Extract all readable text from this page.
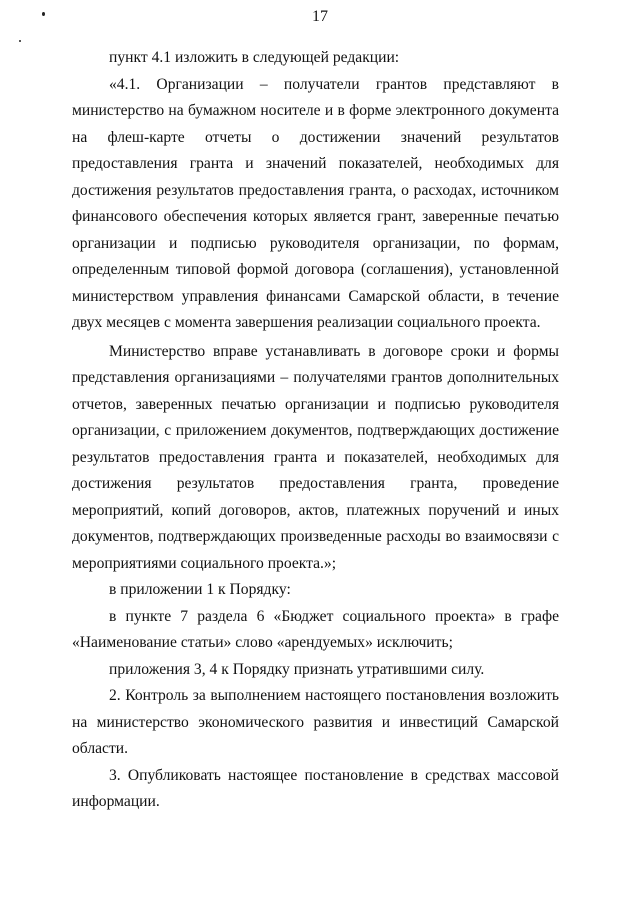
17

пункт 4.1 изложить в следующей редакции:

«4.1. Организации – получатели грантов представляют в министерство на бумажном носителе и в форме электронного документа на флеш-карте отчеты о достижении значений результатов предоставления гранта и значений показателей, необходимых для достижения результатов предоставления гранта, о расходах, источником финансового обеспечения которых является грант, заверенные печатью организации и подписью руководителя организации, по формам, определенным типовой формой договора (соглашения), установленной министерством управления финансами Самарской области, в течение двух месяцев с момента завершения реализации социального проекта.

Министерство вправе устанавливать в договоре сроки и формы представления организациями – получателями грантов дополнительных отчетов, заверенных печатью организации и подписью руководителя организации, с приложением документов, подтверждающих достижение результатов предоставления гранта и показателей, необходимых для достижения результатов предоставления гранта, проведение мероприятий, копий договоров, актов, платежных поручений и иных документов, подтверждающих произведенные расходы во взаимосвязи с мероприятиями социального проекта.»;

в приложении 1 к Порядку:

в пункте 7 раздела 6 «Бюджет социального проекта» в графе «Наименование статьи» слово «арендуемых» исключить;

приложения 3, 4 к Порядку признать утратившими силу.

2. Контроль за выполнением настоящего постановления возложить на министерство экономического развития и инвестиций Самарской области.

3. Опубликовать настоящее постановление в средствах массовой информации.
